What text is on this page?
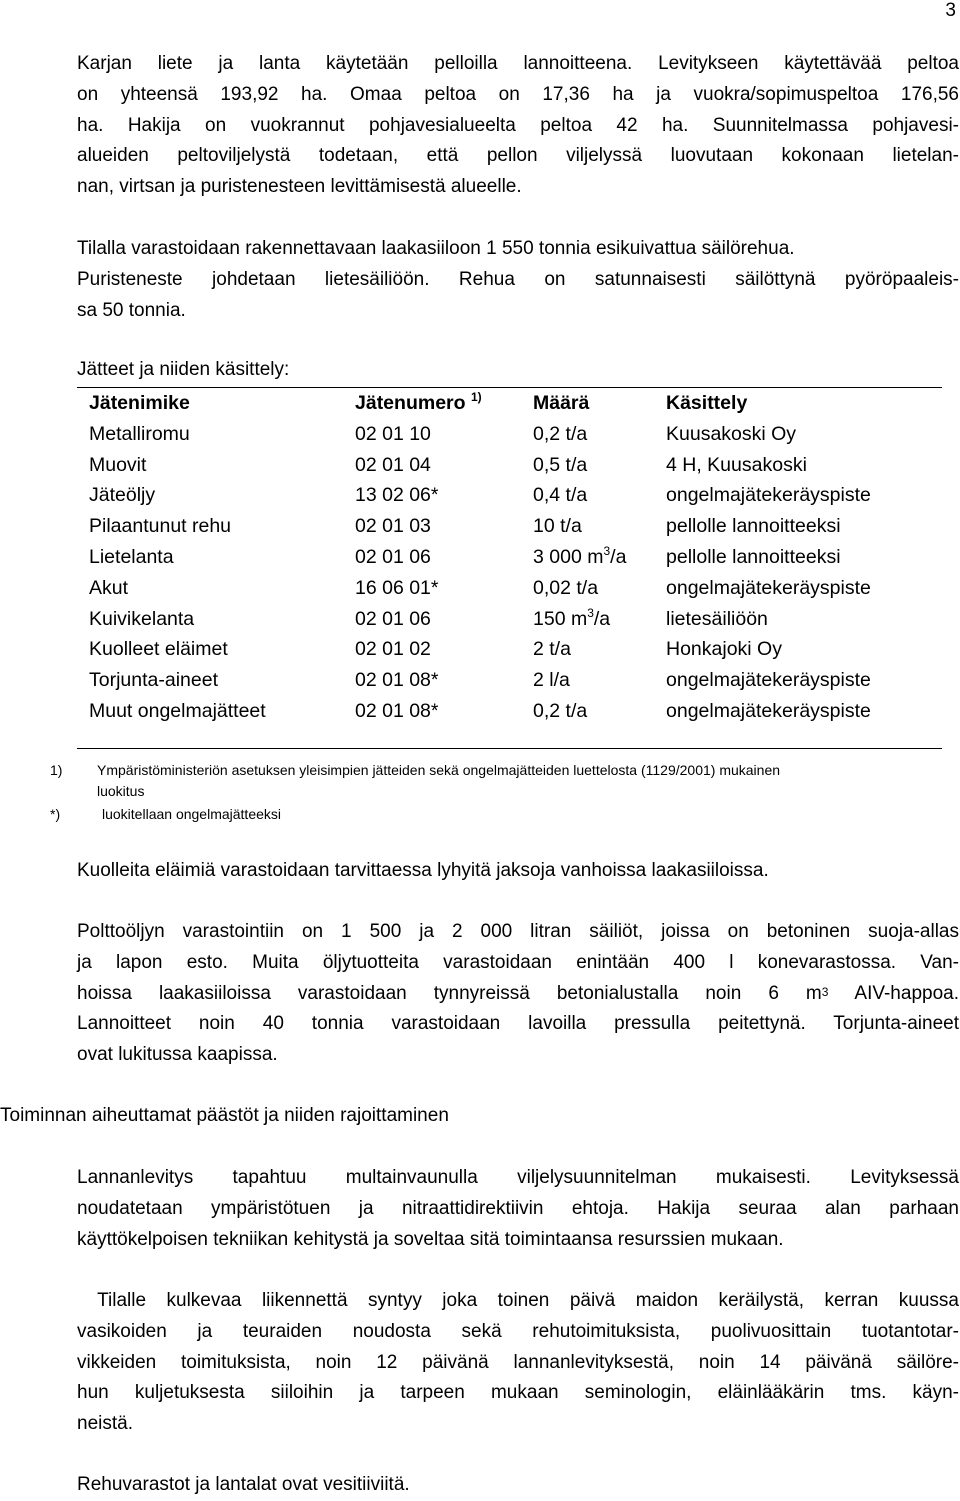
3
Karjan liete ja lanta käytetään pelloilla lannoitteena. Levitykseen käytettävää peltoa
on yhteensä 193,92 ha. Omaa peltoa on 17,36 ha ja vuokra/sopimuspeltoa 176,56
ha. Hakija on vuokrannut pohjavesialueelta peltoa 42 ha. Suunnitelmassa pohjavesi-
alueiden peltoviljelystä todetaan, että pellon viljelyssä luovutaan kokonaan lietelan-
nan, virtsan ja puristenesteen levittämisestä alueelle.
Tilalla varastoidaan rakennettavaan laakasiiloon 1 550 tonnia esikuivattua säilörehua.
Puristeneste johdetaan lietesäiliöön. Rehua on satunnaisesti säilöttynä pyöröpaaleis-
sa 50 tonnia.
Jätteet ja niiden käsittely:
Jätenimike	Jätenumero $^{1)}$	Määrä	Käsittely
Metalliromu	02 01 10	0,2 t/a	Kuusakoski Oy
Muovit	02 01 04	0,5 t/a	4 H, Kuusakoski
Jäteöljy	13 02 06*	0,4 t/a	ongelmajätekeräyspiste
Pilaantunut rehu	02 01 03	10 t/a	pellolle lannoitteeksi
Lietelanta	02 01 06	3 000 $m^3/a$	pellolle lannoitteeksi
Akut	16 06 01*	0,02 t/a	ongelmajätekeräyspiste
Kuivikelanta	02 01 06	150 $m^3/a$	lietesäiliöön
Kuolleet eläimet	02 01 02	2 t/a	Honkajoki Oy
Torjunta-aineet	02 01 08*	2 l/a	ongelmajätekeräyspiste
Muut ongelmajätteet	02 01 08*	0,2 t/a	ongelmajätekeräyspiste
1)	Ympäristöministeriön asetuksen yleisimpien jätteiden sekä ongelmajätteiden luettelosta (1129/2001) mukainen
luokitus
*)	luokitellaan ongelmajätteeksi
Kuolleita eläimiä varastoidaan tarvittaessa lyhyitä jaksoja vanhoissa laakasiiloissa.
Polttoöljyn varastointiin on 1 500 ja 2 000 litran säiliöt, joissa on betoninen suoja-allas
ja lapon esto. Muita öljytuotteita varastoidaan enintään 400 l konevarastossa. Van-
hoissa laakasiiloissa varastoidaan tynnyreissä betonialustalla noin 6 $m^3$ AIV-happoa.
Lannoitteet noin 40 tonnia varastoidaan lavoilla pressulla peitettynä. Torjunta-aineet
ovat lukitussa kaapissa.
Toiminnan aiheuttamat päästöt ja niiden rajoittaminen
Lannanlevitys tapahtuu multainvaunulla viljelysuunnitelman mukaisesti. Levityksessä
noudatetaan ympäristötuen ja nitraattidirektiivin ehtoja. Hakija seuraa alan parhaan
käyttökelpoisen tekniikan kehitystä ja soveltaa sitä toimintaansa resurssien mukaan.
Tilalle kulkevaa liikennettä syntyy joka toinen päivä maidon keräilystä, kerran kuussa
vasikoiden ja teuraiden noudosta sekä rehutoimituksista, puolivuosittain tuotantotar-
vikkeiden toimituksista, noin 12 päivänä lannanlevityksestä, noin 14 päivänä säilöre-
hun kuljetuksesta siiloihin ja tarpeen mukaan seminologin, eläinlääkärin tms. käyn-
neistä.
Rehuvarastot ja lantalat ovat vesitiiviitä.
